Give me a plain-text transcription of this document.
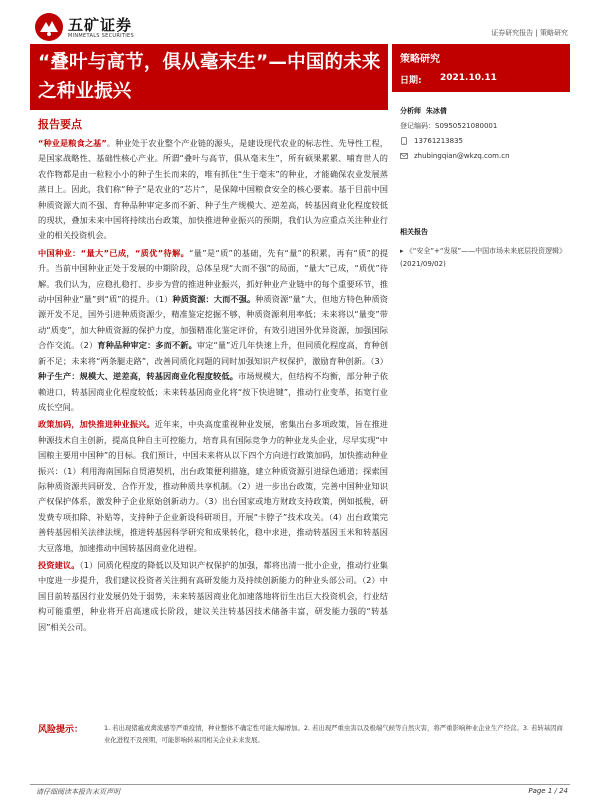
五矿证券
MINMETALS SECURITIES	证券研究报告 | 策略研究
“叠叶与高节，俱从毫末生”—中国的未来之种业振兴
策略研究
日期: 2021.10.11
报告要点

“种业是粮食之基”。种业处于农业整个产业链的源头，是建设现代农业的标志性、先导性工程，是国家战略性、基础性核心产业。所谓“叠叶与高节，俱从毫末生”，所有硕果累累、哺育世人的农作物都是由一粒粒小小的种子生长而来的，唯有抓住“生于毫末”的种业，才能确保农业发展蒸蒸日上。因此，我们称“种子”是农业的“芯片”，是保障中国粮食安全的核心要素。基于目前中国种质资源大而不强、育种品种审定多而不新、种子生产规模大、逆差高，转基因商业化程度较低的现状，叠加未来中国将持续出台政策，加快推进种业振兴的预期，我们认为应重点关注种业行业的相关投资机会。

中国种业：“量大”已成，“质优”待解。“量”是“质”的基础，先有“量”的积累，再有“质”的提升。当前中国种业正处于发展的中期阶段，总体呈现“大而不强”的局面，“量大”已成，“质优”待解。我们认为，应稳扎稳打、步步为营的推进种业振兴，抓好种业产业链中的每个重要环节，推动中国种业“量”到“质”的提升。（1）种质资源：大而不强。种质资源“量”大，但地方特色种质资源开发不足，国外引进种质资源少，精准鉴定挖掘不够，种质资源利用率低；未来将以“量变”带动“质变”，加大种质资源的保护力度，加强精准化鉴定评价，有效引进国外优异资源，加强国际合作交流。（2）育种品种审定：多而不新。审定“量”近几年快速上升，但同质化程度高，育种创新不足；未来将“两条腿走路”，改善同质化问题的同时加强知识产权保护，激励育种创新。（3）种子生产：规模大、逆差高，转基因商业化程度较低。市场规模大，但结构不均衡，部分种子依赖进口，转基因商业化程度较低；未来转基因商业化将“按下快进键”，推动行业变革，拓宽行业成长空间。

政策加码，加快推进种业振兴。近年来，中央高度重视种业发展，密集出台多项政策，旨在推进种源技术自主创新，提高良种自主可控能力，培育具有国际竞争力的种业龙头企业，尽早实现“中国粮主要用中国种”的目标。我们预计，中国未来将从以下四个方向进行政策加码，加快推动种业振兴：（1）利用海南国际自贸港契机，出台政策便利措施，建立种质资源引进绿色通道；探索国际种质资源共同研发、合作开发，推动种质共享机制。（2）进一步出台政策，完善中国种业知识产权保护体系，激发种子企业原始创新动力。（3）出台国家或地方财政支持政策，例如抵税，研发费专项扣除、补贴等，支持种子企业新设科研项目，开展“卡脖子”技术攻关。（4）出台政策完善转基因相关法律法规，推进转基因科学研究和成果转化，稳中求进，推动转基因玉米和转基因大豆落地，加速推动中国转基因商业化进程。

投资建议。（1）同质化程度的降低以及知识产权保护的加强，都将出清一批小企业，推动行业集中度进一步提升，我们建议投资者关注拥有高研发能力及持续创新能力的种业头部公司。（2）中国目前转基因行业发展仍处于弱势，未来转基因商业化加速落地将衍生出巨大投资机会，行业结构可能重塑，种业将开启高速成长阶段，建议关注转基因技术储备丰富，研发能力强的“转基因”相关公司。

分析师 朱冰倩
登记编码：S0950521080001
13761213835
zhubingqian@wkzq.com.cn
相关报告
▸ 《“安全”+“发展”——中国市场未来底层投资逻辑》(2021/09/02)
风险提示：	1. 若出现猪瘟或禽流感等严重疫情，种业整体不确定性可能大幅增加。2. 若出现严重虫害以及极端气候等自然灾害，将严重影响种业企业生产经营。3. 若转基因商业化进程不及预期，可能影响转基因相关企业未来发展。
请仔细阅读本报告末页声明	Page 1 / 24
